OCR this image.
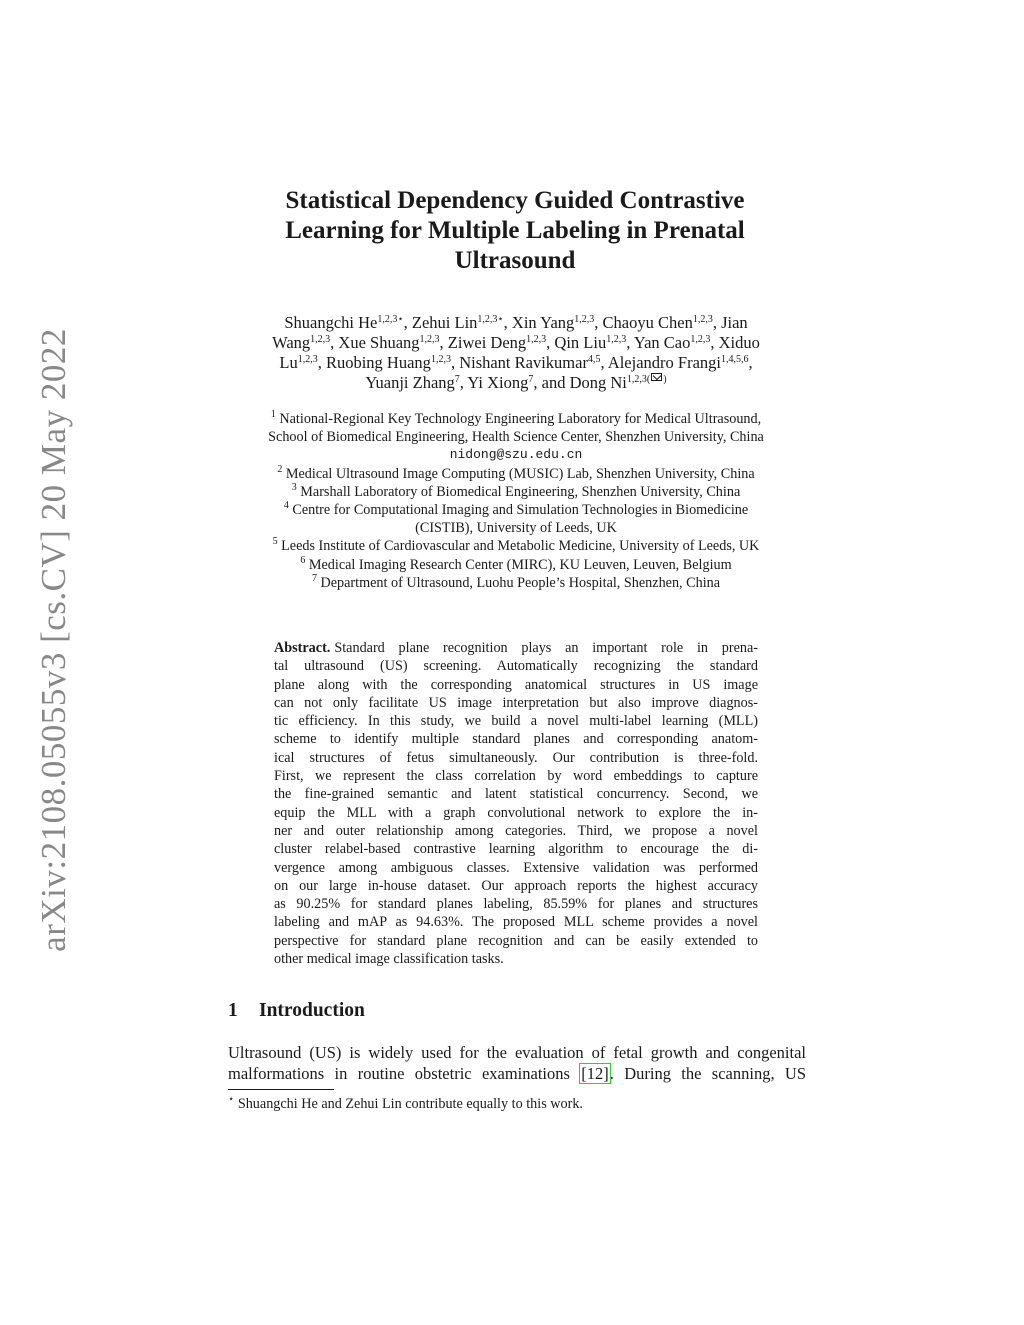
arXiv:2108.05055v3 [cs.CV] 20 May 2022
Statistical Dependency Guided Contrastive
Learning for Multiple Labeling in Prenatal
Ultrasound
Shuangchi $He^{1,2,3⋆}$, Zehui Lin$^{1,2,3⋆}$, Xin Yang$^{1,2,3}$, Chaoyu Chen$^{1,2,3}$, Jian
Wang$^{1,2,3}$, Xue Shuang$^{1,2,3}$, Ziwei Deng$^{1,2,3}$, Qin Liu$^{1,2,3}$, Yan Cao$^{1,2,3}$, Xiduo
Lu$^{1,2,3}$, Ruobing Huang$^{1,2,3}$, Nishant Ravikumar$^{4,5}$, Alejandro Frangi$^{1,4,5,6}$,
Yuanji Zhang$^7$, Yi Xiong$^7$, and Dong $Ni^{1,2,3( )}$
$^1$ National-Regional Key Technology Engineering Laboratory for Medical Ultrasound,
School of Biomedical Engineering, Health Science Center, Shenzhen University, China
nidong@szu.edu.cn
$^2$ Medical Ultrasound Image Computing (MUSIC) Lab, Shenzhen University, China
$^3$ Marshall Laboratory of Biomedical Engineering, Shenzhen University, China
$^4$ Centre for Computational Imaging and Simulation Technologies in Biomedicine
(CISTIB), University of Leeds, UK
$^5$ Leeds Institute of Cardiovascular and Metabolic Medicine, University of Leeds, UK
$^6$ Medical Imaging Research Center (MIRC), KU Leuven, Leuven, Belgium
$^7$ Department of Ultrasound, Luohu People’s Hospital, Shenzhen, China
Abstract. Standard plane recognition plays an important role in prena-
tal ultrasound (US) screening. Automatically recognizing the standard
plane along with the corresponding anatomical structures in US image
can not only facilitate US image interpretation but also improve diagnos-
tic efficiency. In this study, we build a novel multi-label learning (MLL)
scheme to identify multiple standard planes and corresponding anatom-
ical structures of fetus simultaneously. Our contribution is three-fold.
First, we represent the class correlation by word embeddings to capture
the fine-grained semantic and latent statistical concurrency. Second, we
equip the MLL with a graph convolutional network to explore the in-
ner and outer relationship among categories. Third, we propose a novel
cluster relabel-based contrastive learning algorithm to encourage the di-
vergence among ambiguous classes. Extensive validation was performed
on our large in-house dataset. Our approach reports the highest accuracy
as 90.25% for standard planes labeling, 85.59% for planes and structures
labeling and mAP as 94.63%. The proposed MLL scheme provides a novel
perspective for standard plane recognition and can be easily extended to
other medical image classification tasks.
1 Introduction
Ultrasound (US) is widely used for the evaluation of fetal growth and congenital
malformations in routine obstetric examinations [12]. During the scanning, US
⋆ Shuangchi He and Zehui Lin contribute equally to this work.
